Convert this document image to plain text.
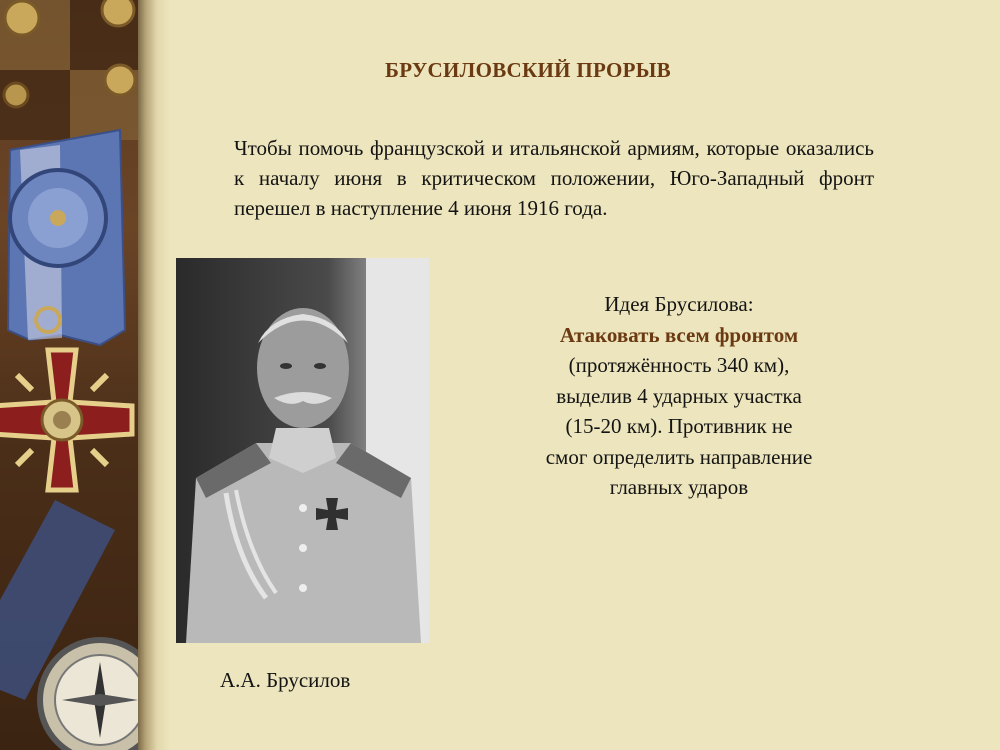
БРУСИЛОВСКИЙ ПРОРЫВ
Чтобы помочь французской и итальянской армиям, которые оказались к началу июня в критическом положении, Юго-Западный фронт перешел в наступление 4 июня 1916 года.
А.А. Брусилов
Идея Брусилова:
Атаковать всем фронтом
(протяжённость 340 км), выделив 4 ударных участка (15-20 км). Противник не смог определить направление главных ударов
